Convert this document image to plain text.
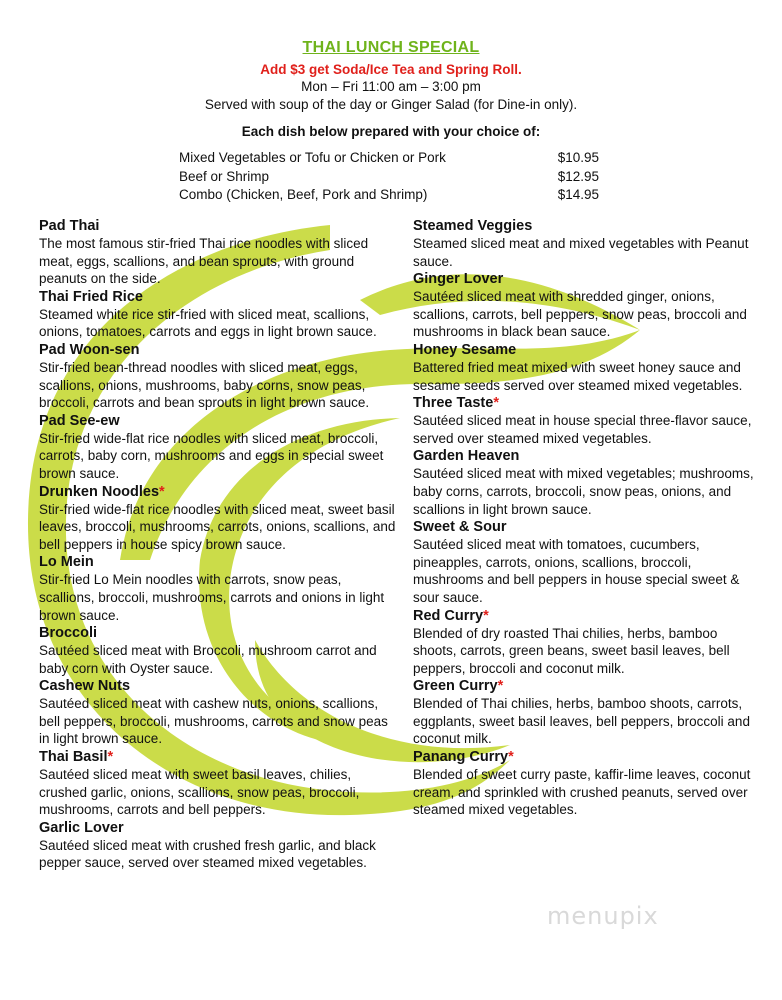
THAI LUNCH SPECIAL
Add $3 get Soda/Ice Tea and Spring Roll.
Mon – Fri 11:00 am – 3:00 pm
Served with soup of the day or Ginger Salad (for Dine-in only).
Each dish below prepared with your choice of:
Mixed Vegetables or Tofu or Chicken or Pork	$10.95
Beef or Shrimp	$12.95
Combo (Chicken, Beef, Pork and Shrimp)	$14.95
Pad Thai
The most famous stir-fried Thai rice noodles with sliced meat, eggs, scallions, and bean sprouts, with ground peanuts on the side.
Thai Fried Rice
Steamed white rice stir-fried with sliced meat, scallions, onions, tomatoes, carrots and eggs in light brown sauce.
Pad Woon-sen
Stir-fried bean-thread noodles with sliced meat, eggs, scallions, onions, mushrooms, baby corns, snow peas, broccoli, carrots and bean sprouts in light brown sauce.
Pad See-ew
Stir-fried wide-flat rice noodles with sliced meat, broccoli, carrots, baby corn, mushrooms and eggs in special sweet brown sauce.
Drunken Noodles*
Stir-fried wide-flat rice noodles with sliced meat, sweet basil leaves, broccoli, mushrooms, carrots, onions, scallions, and bell peppers in house spicy brown sauce.
Lo Mein
Stir-fried Lo Mein noodles with carrots, snow peas, scallions, broccoli, mushrooms, carrots and onions in light brown sauce.
Broccoli
Sautéed sliced meat with Broccoli, mushroom carrot and baby corn with Oyster sauce.
Cashew Nuts
Sautéed sliced meat with cashew nuts, onions, scallions, bell peppers, broccoli, mushrooms, carrots and snow peas in light brown sauce.
Thai Basil*
Sautéed sliced meat with sweet basil leaves, chilies, crushed garlic, onions, scallions, snow peas, broccoli, mushrooms, carrots and bell peppers.
Garlic Lover
Sautéed sliced meat with crushed fresh garlic, and black pepper sauce, served over steamed mixed vegetables.
Steamed Veggies
Steamed sliced meat and mixed vegetables with Peanut sauce.
Ginger Lover
Sautéed sliced meat with shredded ginger, onions, scallions, carrots, bell peppers, snow peas, broccoli and mushrooms in black bean sauce.
Honey Sesame
Battered fried meat mixed with sweet honey sauce and sesame seeds served over steamed mixed vegetables.
Three Taste*
Sautéed sliced meat in house special three-flavor sauce, served over steamed mixed vegetables.
Garden Heaven
Sautéed sliced meat with mixed vegetables; mushrooms, baby corns, carrots, broccoli, snow peas, onions, and scallions in light brown sauce.
Sweet & Sour
Sautéed sliced meat with tomatoes, cucumbers, pineapples, carrots, onions, scallions, broccoli, mushrooms and bell peppers in house special sweet & sour sauce.
Red Curry*
Blended of dry roasted Thai chilies, herbs, bamboo shoots, carrots, green beans, sweet basil leaves, bell peppers, broccoli and coconut milk.
Green Curry*
Blended of Thai chilies, herbs, bamboo shoots, carrots, eggplants, sweet basil leaves, bell peppers, broccoli and coconut milk.
Panang Curry*
Blended of sweet curry paste, kaffir-lime leaves, coconut cream, and sprinkled with crushed peanuts, served over steamed mixed vegetables.
menupix
